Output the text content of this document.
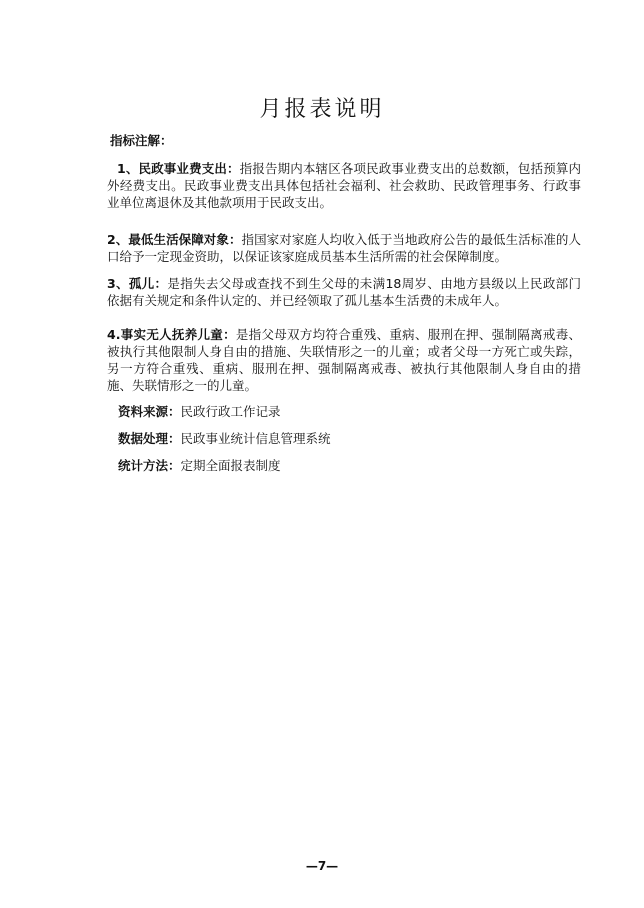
月报表说明
指标注解：

1、民政事业费支出：指报告期内本辖区各项民政事业费支出的总数额，包括预算内外经费支出。民政事业费支出具体包括社会福利、社会救助、民政管理事务、行政事业单位离退休及其他款项用于民政支出。

2、最低生活保障对象：指国家对家庭人均收入低于当地政府公告的最低生活标准的人口给予一定现金资助，以保证该家庭成员基本生活所需的社会保障制度。

3、孤儿：是指失去父母或查找不到生父母的未满18周岁、由地方县级以上民政部门依据有关规定和条件认定的、并已经领取了孤儿基本生活费的未成年人。

4.事实无人抚养儿童：是指父母双方均符合重残、重病、服刑在押、强制隔离戒毒、被执行其他限制人身自由的措施、失联情形之一的儿童；或者父母一方死亡或失踪，另一方符合重残、重病、服刑在押、强制隔离戒毒、被执行其他限制人身自由的措施、失联情形之一的儿童。

资料来源：民政行政工作记录
数据处理：民政事业统计信息管理系统
统计方法：定期全面报表制度
—7—
